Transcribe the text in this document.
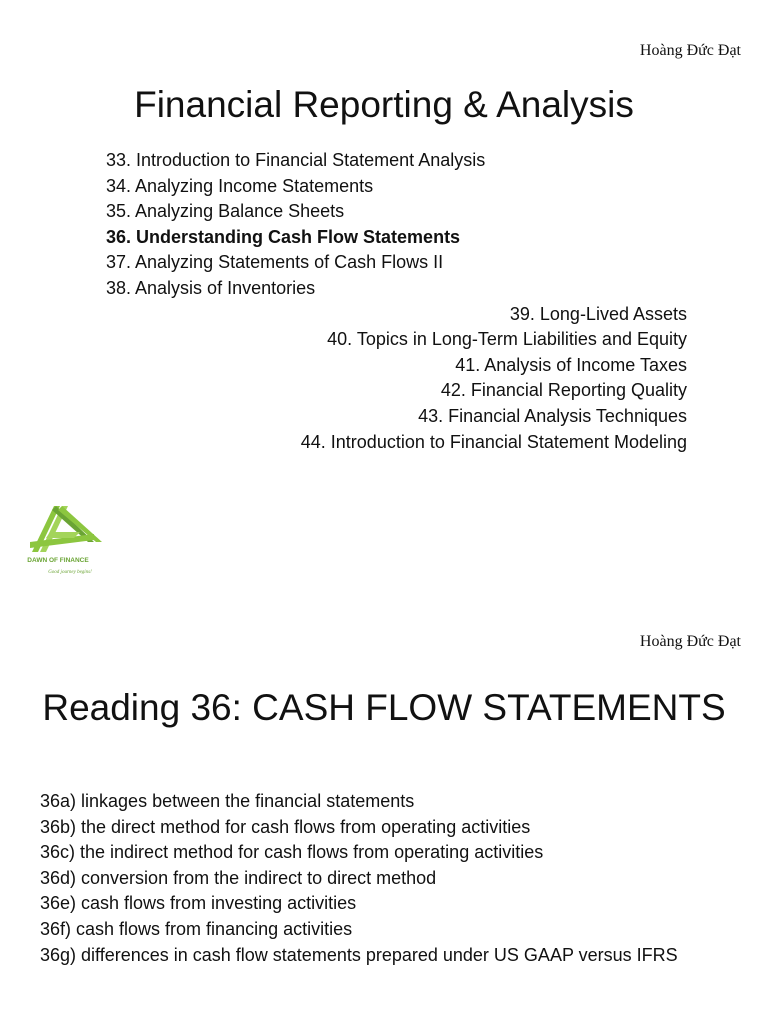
Hoàng Đức Đạt
Financial Reporting & Analysis
33. Introduction to Financial Statement Analysis
34. Analyzing Income Statements
35. Analyzing Balance Sheets
36. Understanding Cash Flow Statements
37. Analyzing Statements of Cash Flows II
38. Analysis of Inventories
39. Long-Lived Assets
40. Topics in Long-Term Liabilities and Equity
41. Analysis of Income Taxes
42. Financial Reporting Quality
43. Financial Analysis Techniques
44. Introduction to Financial Statement Modeling
DAWN OF FINANCE
Good journey begins!
Hoàng Đức Đạt
Reading 36: CASH FLOW STATEMENTS
36a) linkages between the financial statements
36b) the direct method for cash flows from operating activities
36c) the indirect method for cash flows from operating activities
36d) conversion from the indirect to direct method
36e) cash flows from investing activities
36f) cash flows from financing activities
36g) differences in cash flow statements prepared under US GAAP versus IFRS
